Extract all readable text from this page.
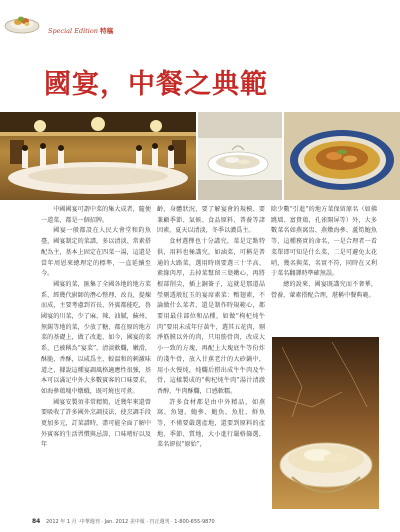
Special Edition 特稿
國宴，中餐之典範

中國國宴可謂中菜的集大成者，隨便一道菜，都是一個招牌。

國宴一般都設在人民大會堂和釣魚臺，國宴制定的菜譜，多以清淡、常素搭配為主，基本上固定在四菜一湯，這還是當年周恩來總理定的標準，一直延續至今。

國宴的菜，匯集了全國各地的地方菜系，經幾代廚師的潛心整理、改良、提煉而成，主要考慮到首長、外賓都能吃，魯國宴的川菜，少了麻、辣、油膩，蘇州、無錫等地的菜，少放了糖，都在原的地方菜的基礎上，做了改進，如今，國宴的菜系，已被稱為“宴菜”，清淡軟爛，嫩滑，酥脆，香酥，以咸爲主，較溫和的刺激味道之，據說這種宴調風格適應性很強，基本可以滿足中外大多數賓客的口味要求，如海參鶏塊中燉蛾，既可燒也可煮。

國宴安製須非常精簡，近幾年來還曾要吸收了許多國外烹調技法，使烹調手段更加多元，訂菜譜時，盡可能全面了解中外賓客的生活習慣與忌諱，口味嗜好以及年

齡、身體狀況，要了解宴會的規模、要兼顧季節、氣候、食品原料、普養等諸因素，夏天以清淡，冬季以濃爲主。

食材選擇也十分講究，菜是定點特供，用料也極講究，如滷菜，可稱是普通的大路菜，選用時則要選三十半高、素緣肉厚，去掉菜幫留三葉嫩心，再將根部削尖，插上銅簽子，這就是那道晶瑩剔透般紅玉的宴席素菜：鴨翅素，不論做什么菜者，還是制作時規範心，都要用最佳部位和品種，如做“枸杞炖牛肉”要用未成年仔黃牛，選其五花肉，剔淨筋膜以外的肉，只用筋骨肉，改成大小一致的方塊，再配上大塊底牛等份炸的淺牛骨，放入甘蕉老汁的大砂鍋中，用小火慢炖，炖爛后撈出成牛牛肉及牛骨，這樣製成的“枸杞炖牛肉”湯汁清澈香醇，牛肉酥爛，口感軟糯。

許多食材都是由中外精品，如燕窩、魚翅、鮑參、鮑魚、魚肚、鮮魚等，不僅要嚴選產地，還要到原料的產地、季節、質地，大小進行嚴格篩選，菜名卻很“原始”，

除少數“引進”的地方菜保留原名（如佛跳墻、富貴鶏，孔雀開屏等）外，大多數菜名如燕窩盅、燕燉海參、蘆筍鮑魚等，這種務實的命名，一是合理者一看菜單即可知是什么菜，二是可避免太花哨，幾名與菜，名實不符，同時在又利于菜名翻譯時準確無誤。

總的說來，國宴既講究而不奢華，營養，葷素搭配合理，堪稱中餐典範。

84 2012 年 1 月 ·中華週刊 · Jan. 2012 美中報 · 円正週刊 · 1-800-655-9870
